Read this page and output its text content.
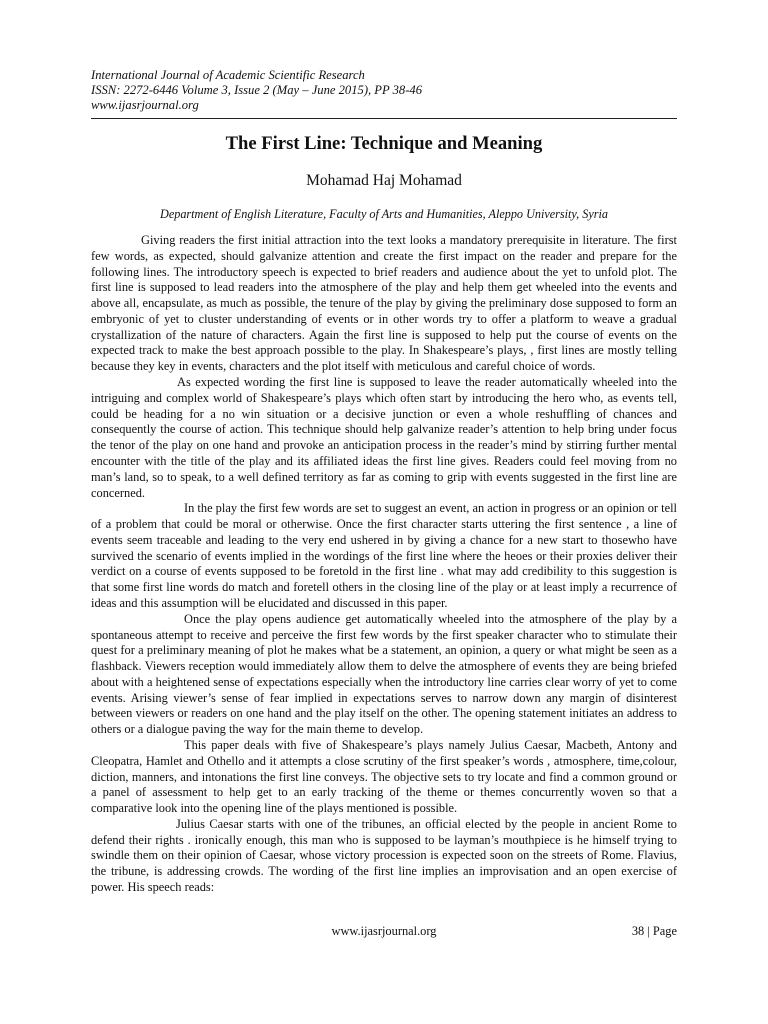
International Journal of Academic Scientific Research
ISSN: 2272-6446 Volume 3, Issue 2 (May – June 2015), PP 38-46
www.ijasrjournal.org
The First Line: Technique and Meaning
Mohamad Haj Mohamad
Department of English Literature, Faculty of Arts and Humanities, Aleppo University, Syria

Giving readers the first initial attraction into the text looks a mandatory prerequisite in literature. The first few words, as expected, should galvanize attention and create the first impact on the reader and prepare for the following lines. The introductory speech is expected to brief readers and audience about the yet to unfold plot. The first line is supposed to lead readers into the atmosphere of the play and help them get wheeled into the events and above all, encapsulate, as much as possible, the tenure of the play by giving the preliminary dose supposed to form an embryonic of yet to cluster understanding of events or in other words try to offer a platform to weave a gradual crystallization of the nature of characters. Again the first line is supposed to help put the course of events on the expected track to make the best approach possible to the play. In Shakespeare’s plays, , first lines are mostly telling because they key in events, characters and the plot itself with meticulous and careful choice of words.

As expected wording the first line is supposed to leave the reader automatically wheeled into the intriguing and complex world of Shakespeare’s plays which often start by introducing the hero who, as events tell, could be heading for a no win situation or a decisive junction or even a whole reshuffling of chances and consequently the course of action. This technique should help galvanize reader’s attention to help bring under focus the tenor of the play on one hand and provoke an anticipation process in the reader’s mind by stirring further mental encounter with the title of the play and its affiliated ideas the first line gives. Readers could feel moving from no man’s land, so to speak, to a well defined territory as far as coming to grip with events suggested in the first line are concerned.

In the play the first few words are set to suggest an event, an action in progress or an opinion or tell of a problem that could be moral or otherwise. Once the first character starts uttering the first sentence , a line of events seem traceable and leading to the very end ushered in by giving a chance for a new start to thosewho have survived the scenario of events implied in the wordings of the first line where the heoes or their proxies deliver their verdict on a course of events supposed to be foretold in the first line . what may add credibility to this suggestion is that some first line words do match and foretell others in the closing line of the play or at least imply a recurrence of ideas and this assumption will be elucidated and discussed in this paper.

Once the play opens audience get automatically wheeled into the atmosphere of the play by a spontaneous attempt to receive and perceive the first few words by the first speaker character who to stimulate their quest for a preliminary meaning of plot he makes what be a statement, an opinion, a query or what might be seen as a flashback. Viewers reception would immediately allow them to delve the atmosphere of events they are being briefed about with a heightened sense of expectations especially when the introductory line carries clear worry of yet to come events. Arising viewer’s sense of fear implied in expectations serves to narrow down any margin of disinterest between viewers or readers on one hand and the play itself on the other. The opening statement initiates an address to others or a dialogue paving the way for the main theme to develop.

This paper deals with five of Shakespeare’s plays namely Julius Caesar, Macbeth, Antony and Cleopatra, Hamlet and Othello and it attempts a close scrutiny of the first speaker’s words , atmosphere, time,colour, diction, manners, and intonations the first line conveys. The objective sets to try locate and find a common ground or a panel of assessment to help get to an early tracking of the theme or themes concurrently woven so that a comparative look into the opening line of the plays mentioned is possible.

Julius Caesar starts with one of the tribunes, an official elected by the people in ancient Rome to defend their rights . ironically enough, this man who is supposed to be layman’s mouthpiece is he himself trying to swindle them on their opinion of Caesar, whose victory procession is expected soon on the streets of Rome. Flavius, the tribune, is addressing crowds. The wording of the first line implies an improvisation and an open exercise of power. His speech reads:

www.ijasrjournal.org	38 | Page
